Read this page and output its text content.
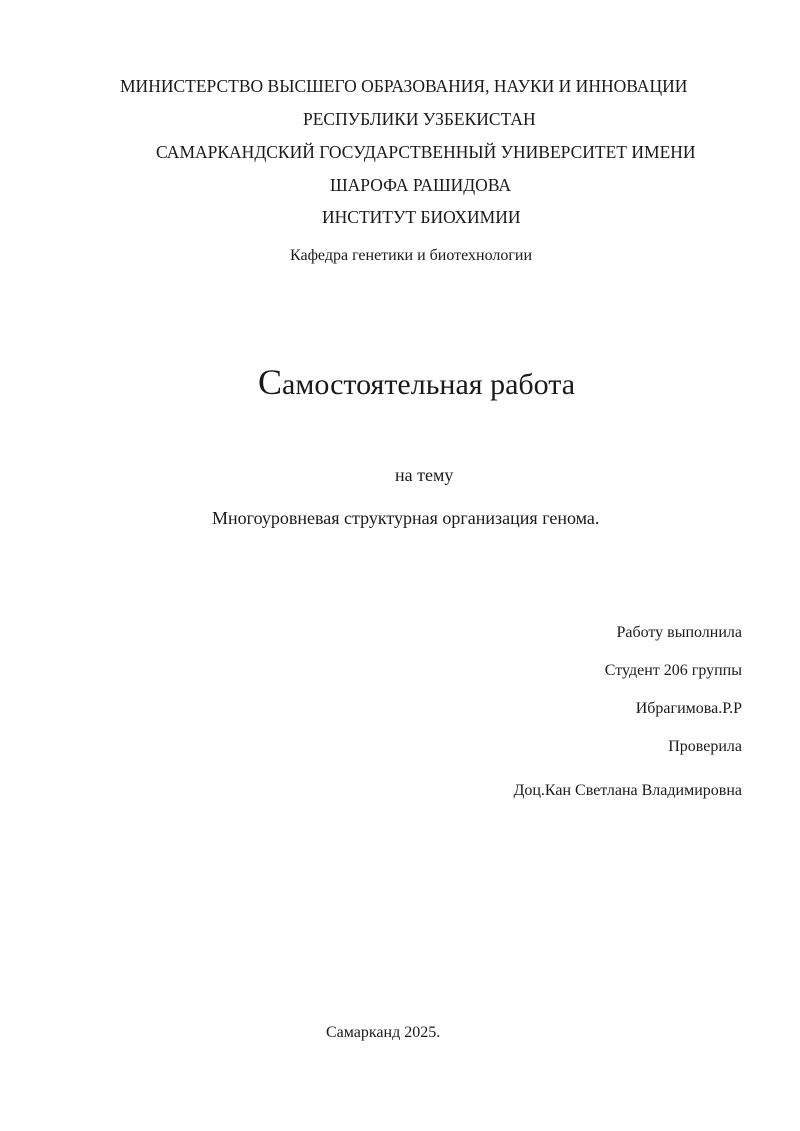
МИНИСТЕРСТВО ВЫСШЕГО ОБРАЗОВАНИЯ, НАУКИ И ИННОВАЦИИ
РЕСПУБЛИКИ УЗБЕКИСТАН
САМАРКАНДСКИЙ ГОСУДАРСТВЕННЫЙ УНИВЕРСИТЕТ ИМЕНИ
ШАРОФА РАШИДОВА
ИНСТИТУТ БИОХИМИИ
Кафедра генетики и биотехнологии
Самостоятельная работа
на тему
Многоуровневая структурная организация генома.
Работу выполнила
Студент 206 группы
Ибрагимова.Р.Р
Проверила
Доц.Кан Светлана Владимировна
Самарканд 2025.
